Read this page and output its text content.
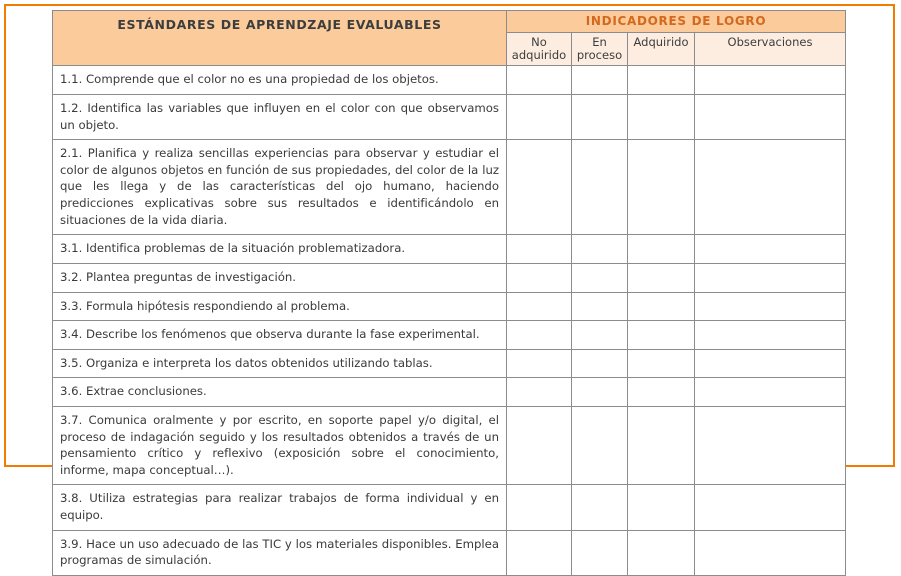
ESTÁNDARES DE APRENDZAJE EVALUABLES	INDICADORES DE LOGRO			
	No adquirido	En proceso	Adquirido	Observaciones
1.1. Comprende que el color no es una propiedad de los objetos.				
1.2. Identifica las variables que influyen en el color con que observamos un objeto.				
2.1. Planifica y realiza sencillas experiencias para observar y estudiar el color de algunos objetos en función de sus propiedades, del color de la luz que les llega y de las características del ojo humano, haciendo predicciones explicativas sobre sus resultados e identificándolo en situaciones de la vida diaria.				
3.1. Identifica problemas de la situación problematizadora.				
3.2. Plantea preguntas de investigación.				
3.3. Formula hipótesis respondiendo al problema.				
3.4. Describe los fenómenos que observa durante la fase experimental.				
3.5. Organiza e interpreta los datos obtenidos utilizando tablas.				
3.6. Extrae conclusiones.				
3.7. Comunica oralmente y por escrito, en soporte papel y/o digital, el proceso de indagación seguido y los resultados obtenidos a través de un pensamiento crítico y reflexivo (exposición sobre el conocimiento, informe, mapa conceptual…).				
3.8. Utiliza estrategias para realizar trabajos de forma individual y en equipo.				
3.9. Hace un uso adecuado de las TIC y los materiales disponibles. Emplea programas de simulación.				
